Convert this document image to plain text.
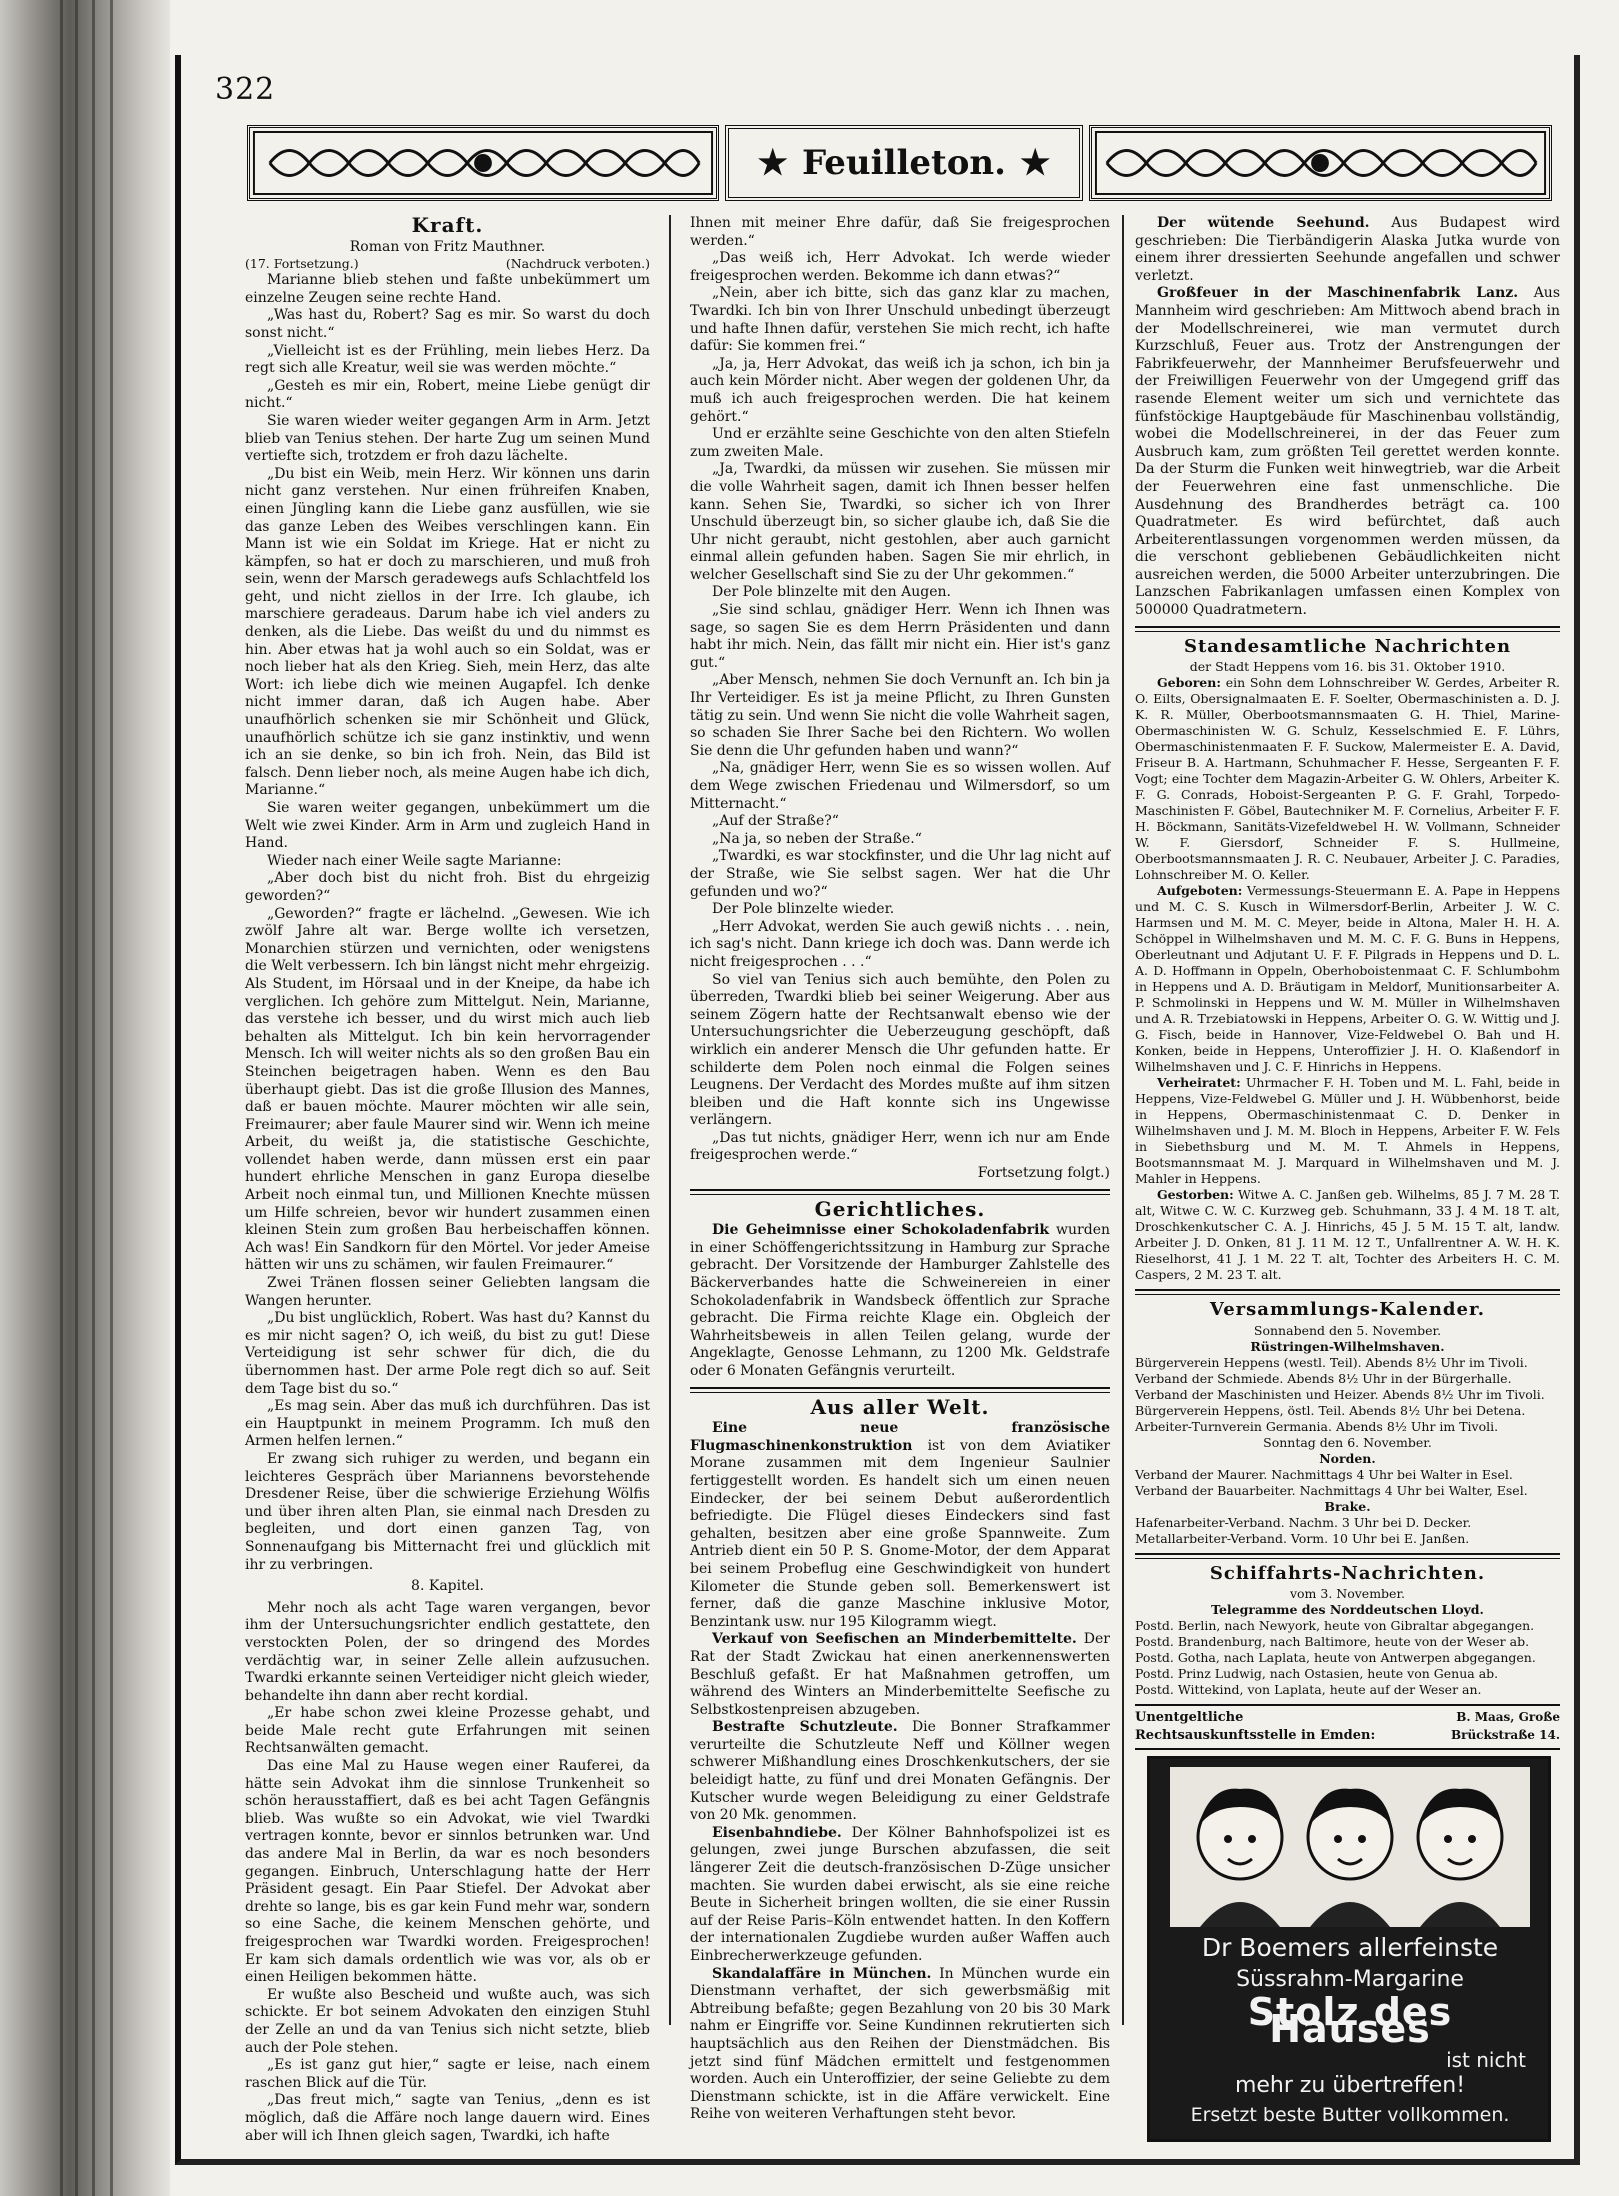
322
★ Feuilleton. ★
Kraft.

Roman von Fritz Mauthner.

(17. Fortsetzung.)	(Nachdruck verboten.)

Marianne blieb stehen und faßte unbekümmert um einzelne Zeugen seine rechte Hand.

„Was hast du, Robert? Sag es mir. So warst du doch sonst nicht.“

„Vielleicht ist es der Frühling, mein liebes Herz. Da regt sich alle Kreatur, weil sie was werden möchte.“

„Gesteh es mir ein, Robert, meine Liebe genügt dir nicht.“

Sie waren wieder weiter gegangen Arm in Arm. Jetzt blieb van Tenius stehen. Der harte Zug um seinen Mund vertiefte sich, trotzdem er froh dazu lächelte.

„Du bist ein Weib, mein Herz. Wir können uns darin nicht ganz verstehen. Nur einen frühreifen Knaben, einen Jüngling kann die Liebe ganz ausfüllen, wie sie das ganze Leben des Weibes verschlingen kann. Ein Mann ist wie ein Soldat im Kriege. Hat er nicht zu kämpfen, so hat er doch zu marschieren, und muß froh sein, wenn der Marsch geradewegs aufs Schlachtfeld los geht, und nicht ziellos in der Irre. Ich glaube, ich marschiere geradeaus. Darum habe ich viel anders zu denken, als die Liebe. Das weißt du und du nimmst es hin. Aber etwas hat ja wohl auch so ein Soldat, was er noch lieber hat als den Krieg. Sieh, mein Herz, das alte Wort: ich liebe dich wie meinen Augapfel. Ich denke nicht immer daran, daß ich Augen habe. Aber unaufhörlich schenken sie mir Schönheit und Glück, unaufhörlich schütze ich sie ganz instinktiv, und wenn ich an sie denke, so bin ich froh. Nein, das Bild ist falsch. Denn lieber noch, als meine Augen habe ich dich, Marianne.“

Sie waren weiter gegangen, unbekümmert um die Welt wie zwei Kinder. Arm in Arm und zugleich Hand in Hand.

Wieder nach einer Weile sagte Marianne:

„Aber doch bist du nicht froh. Bist du ehrgeizig geworden?“

„Geworden?“ fragte er lächelnd. „Gewesen. Wie ich zwölf Jahre alt war. Berge wollte ich versetzen, Monarchien stürzen und vernichten, oder wenigstens die Welt verbessern. Ich bin längst nicht mehr ehrgeizig. Als Student, im Hörsaal und in der Kneipe, da habe ich verglichen. Ich gehöre zum Mittelgut. Nein, Marianne, das verstehe ich besser, und du wirst mich auch lieb behalten als Mittelgut. Ich bin kein hervorragender Mensch. Ich will weiter nichts als so den großen Bau ein Steinchen beigetragen haben. Wenn es den Bau überhaupt giebt. Das ist die große Illusion des Mannes, daß er bauen möchte. Maurer möchten wir alle sein, Freimaurer; aber faule Maurer sind wir. Wenn ich meine Arbeit, du weißt ja, die statistische Geschichte, vollendet haben werde, dann müssen erst ein paar hundert ehrliche Menschen in ganz Europa dieselbe Arbeit noch einmal tun, und Millionen Knechte müssen um Hilfe schreien, bevor wir hundert zusammen einen kleinen Stein zum großen Bau herbeischaffen können. Ach was! Ein Sandkorn für den Mörtel. Vor jeder Ameise hätten wir uns zu schämen, wir faulen Freimaurer.“

Zwei Tränen flossen seiner Geliebten langsam die Wangen herunter.

„Du bist unglücklich, Robert. Was hast du? Kannst du es mir nicht sagen? O, ich weiß, du bist zu gut! Diese Verteidigung ist sehr schwer für dich, die du übernommen hast. Der arme Pole regt dich so auf. Seit dem Tage bist du so.“

„Es mag sein. Aber das muß ich durchführen. Das ist ein Hauptpunkt in meinem Programm. Ich muß den Armen helfen lernen.“

Er zwang sich ruhiger zu werden, und begann ein leichteres Gespräch über Mariannens bevorstehende Dresdener Reise, über die schwierige Erziehung Wölfis und über ihren alten Plan, sie einmal nach Dresden zu begleiten, und dort einen ganzen Tag, von Sonnenaufgang bis Mitternacht frei und glücklich mit ihr zu verbringen.

8. Kapitel.

Mehr noch als acht Tage waren vergangen, bevor ihm der Untersuchungsrichter endlich gestattete, den verstockten Polen, der so dringend des Mordes verdächtig war, in seiner Zelle allein aufzusuchen. Twardki erkannte seinen Verteidiger nicht gleich wieder, behandelte ihn dann aber recht kordial.

„Er habe schon zwei kleine Prozesse gehabt, und beide Male recht gute Erfahrungen mit seinen Rechtsanwälten gemacht.

Das eine Mal zu Hause wegen einer Rauferei, da hätte sein Advokat ihm die sinnlose Trunkenheit so schön herausstaffiert, daß es bei acht Tagen Gefängnis blieb. Was wußte so ein Advokat, wie viel Twardki vertragen konnte, bevor er sinnlos betrunken war. Und das andere Mal in Berlin, da war es noch besonders gegangen. Einbruch, Unterschlagung hatte der Herr Präsident gesagt. Ein Paar Stiefel. Der Advokat aber drehte so lange, bis es gar kein Fund mehr war, sondern so eine Sache, die keinem Menschen gehörte, und freigesprochen war Twardki worden. Freigesprochen! Er kam sich damals ordentlich wie was vor, als ob er einen Heiligen bekommen hätte.

Er wußte also Bescheid und wußte auch, was sich schickte. Er bot seinem Advokaten den einzigen Stuhl der Zelle an und da van Tenius sich nicht setzte, blieb auch der Pole stehen.

„Es ist ganz gut hier,“ sagte er leise, nach einem raschen Blick auf die Tür.

„Das freut mich,“ sagte van Tenius, „denn es ist möglich, daß die Affäre noch lange dauern wird. Eines aber will ich Ihnen gleich sagen, Twardki, ich hafte

Ihnen mit meiner Ehre dafür, daß Sie freigesprochen werden.“

„Das weiß ich, Herr Advokat. Ich werde wieder freigesprochen werden. Bekomme ich dann etwas?“

„Nein, aber ich bitte, sich das ganz klar zu machen, Twardki. Ich bin von Ihrer Unschuld unbedingt überzeugt und hafte Ihnen dafür, verstehen Sie mich recht, ich hafte dafür: Sie kommen frei.“

„Ja, ja, Herr Advokat, das weiß ich ja schon, ich bin ja auch kein Mörder nicht. Aber wegen der goldenen Uhr, da muß ich auch freigesprochen werden. Die hat keinem gehört.“

Und er erzählte seine Geschichte von den alten Stiefeln zum zweiten Male.

„Ja, Twardki, da müssen wir zusehen. Sie müssen mir die volle Wahrheit sagen, damit ich Ihnen besser helfen kann. Sehen Sie, Twardki, so sicher ich von Ihrer Unschuld überzeugt bin, so sicher glaube ich, daß Sie die Uhr nicht geraubt, nicht gestohlen, aber auch garnicht einmal allein gefunden haben. Sagen Sie mir ehrlich, in welcher Gesellschaft sind Sie zu der Uhr gekommen.“

Der Pole blinzelte mit den Augen.

„Sie sind schlau, gnädiger Herr. Wenn ich Ihnen was sage, so sagen Sie es dem Herrn Präsidenten und dann habt ihr mich. Nein, das fällt mir nicht ein. Hier ist's ganz gut.“

„Aber Mensch, nehmen Sie doch Vernunft an. Ich bin ja Ihr Verteidiger. Es ist ja meine Pflicht, zu Ihren Gunsten tätig zu sein. Und wenn Sie nicht die volle Wahrheit sagen, so schaden Sie Ihrer Sache bei den Richtern. Wo wollen Sie denn die Uhr gefunden haben und wann?“

„Na, gnädiger Herr, wenn Sie es so wissen wollen. Auf dem Wege zwischen Friedenau und Wilmersdorf, so um Mitternacht.“

„Auf der Straße?“

„Na ja, so neben der Straße.“

„Twardki, es war stockfinster, und die Uhr lag nicht auf der Straße, wie Sie selbst sagen. Wer hat die Uhr gefunden und wo?“

Der Pole blinzelte wieder.

„Herr Advokat, werden Sie auch gewiß nichts . . . nein, ich sag's nicht. Dann kriege ich doch was. Dann werde ich nicht freigesprochen . . .“

So viel van Tenius sich auch bemühte, den Polen zu überreden, Twardki blieb bei seiner Weigerung. Aber aus seinem Zögern hatte der Rechtsanwalt ebenso wie der Untersuchungsrichter die Ueberzeugung geschöpft, daß wirklich ein anderer Mensch die Uhr gefunden hatte. Er schilderte dem Polen noch einmal die Folgen seines Leugnens. Der Verdacht des Mordes mußte auf ihm sitzen bleiben und die Haft konnte sich ins Ungewisse verlängern.

„Das tut nichts, gnädiger Herr, wenn ich nur am Ende freigesprochen werde.“

Fortsetzung folgt.)

Gerichtliches.

Die Geheimnisse einer Schokoladenfabrik wurden in einer Schöffengerichtssitzung in Hamburg zur Sprache gebracht. Der Vorsitzende der Hamburger Zahlstelle des Bäckerverbandes hatte die Schweinereien in einer Schokoladenfabrik in Wandsbeck öffentlich zur Sprache gebracht. Die Firma reichte Klage ein. Obgleich der Wahrheitsbeweis in allen Teilen gelang, wurde der Angeklagte, Genosse Lehmann, zu 1200 Mk. Geldstrafe oder 6 Monaten Gefängnis verurteilt.

Aus aller Welt.

Eine neue französische Flugmaschinenkonstruktion ist von dem Aviatiker Morane zusammen mit dem Ingenieur Saulnier fertiggestellt worden. Es handelt sich um einen neuen Eindecker, der bei seinem Debut außerordentlich befriedigte. Die Flügel dieses Eindeckers sind fast gehalten, besitzen aber eine große Spannweite. Zum Antrieb dient ein 50 P. S. Gnome-Motor, der dem Apparat bei seinem Probeflug eine Geschwindigkeit von hundert Kilometer die Stunde geben soll. Bemerkenswert ist ferner, daß die ganze Maschine inklusive Motor, Benzintank usw. nur 195 Kilogramm wiegt.

Verkauf von Seefischen an Minderbemittelte. Der Rat der Stadt Zwickau hat einen anerkennenswerten Beschluß gefaßt. Er hat Maßnahmen getroffen, um während des Winters an Minderbemittelte Seefische zu Selbstkostenpreisen abzugeben.

Bestrafte Schutzleute. Die Bonner Strafkammer verurteilte die Schutzleute Neff und Köllner wegen schwerer Mißhandlung eines Droschkenkutschers, der sie beleidigt hatte, zu fünf und drei Monaten Gefängnis. Der Kutscher wurde wegen Beleidigung zu einer Geldstrafe von 20 Mk. genommen.

Eisenbahndiebe. Der Kölner Bahnhofspolizei ist es gelungen, zwei junge Burschen abzufassen, die seit längerer Zeit die deutsch-französischen D-Züge unsicher machten. Sie wurden dabei erwischt, als sie eine reiche Beute in Sicherheit bringen wollten, die sie einer Russin auf der Reise Paris–Köln entwendet hatten. In den Koffern der internationalen Zugdiebe wurden außer Waffen auch Einbrecherwerkzeuge gefunden.

Skandalaffäre in München. In München wurde ein Dienstmann verhaftet, der sich gewerbsmäßig mit Abtreibung befaßte; gegen Bezahlung von 20 bis 30 Mark nahm er Eingriffe vor. Seine Kundinnen rekrutierten sich hauptsächlich aus den Reihen der Dienstmädchen. Bis jetzt sind fünf Mädchen ermittelt und festgenommen worden. Auch ein Unteroffizier, der seine Geliebte zu dem Dienstmann schickte, ist in die Affäre verwickelt. Eine Reihe von weiteren Verhaftungen steht bevor.

Der wütende Seehund. Aus Budapest wird geschrieben: Die Tierbändigerin Alaska Jutka wurde von einem ihrer dressierten Seehunde angefallen und schwer verletzt.

Großfeuer in der Maschinenfabrik Lanz. Aus Mannheim wird geschrieben: Am Mittwoch abend brach in der Modellschreinerei, wie man vermutet durch Kurzschluß, Feuer aus. Trotz der Anstrengungen der Fabrikfeuerwehr, der Mannheimer Berufsfeuerwehr und der Freiwilligen Feuerwehr von der Umgegend griff das rasende Element weiter um sich und vernichtete das fünfstöckige Hauptgebäude für Maschinenbau vollständig, wobei die Modellschreinerei, in der das Feuer zum Ausbruch kam, zum größten Teil gerettet werden konnte. Da der Sturm die Funken weit hinwegtrieb, war die Arbeit der Feuerwehren eine fast unmenschliche. Die Ausdehnung des Brandherdes beträgt ca. 100 Quadratmeter. Es wird befürchtet, daß auch Arbeiterentlassungen vorgenommen werden müssen, da die verschont gebliebenen Gebäudlichkeiten nicht ausreichen werden, die 5000 Arbeiter unterzubringen. Die Lanzschen Fabrikanlagen umfassen einen Komplex von 500000 Quadratmetern.

Standesamtliche Nachrichten

der Stadt Heppens vom 16. bis 31. Oktober 1910.

Geboren: ein Sohn dem Lohnschreiber W. Gerdes, Arbeiter R. O. Eilts, Obersignalmaaten E. F. Soelter, Obermaschinisten a. D. J. K. R. Müller, Oberbootsmannsmaaten G. H. Thiel, Marine-Obermaschinisten W. G. Schulz, Kesselschmied E. F. Lührs, Obermaschinistenmaaten F. F. Suckow, Malermeister E. A. David, Friseur B. A. Hartmann, Schuhmacher F. Hesse, Sergeanten F. F. Vogt; eine Tochter dem Magazin-Arbeiter G. W. Ohlers, Arbeiter K. F. G. Conrads, Hoboist-Sergeanten P. G. F. Grahl, Torpedo-Maschinisten F. Göbel, Bautechniker M. F. Cornelius, Arbeiter F. F. H. Böckmann, Sanitäts-Vizefeldwebel H. W. Vollmann, Schneider W. F. Giersdorf, Schneider F. S. Hullmeine, Oberbootsmannsmaaten J. R. C. Neubauer, Arbeiter J. C. Paradies, Lohnschreiber M. O. Keller.

Aufgeboten: Vermessungs-Steuermann E. A. Pape in Heppens und M. C. S. Kusch in Wilmersdorf-Berlin, Arbeiter J. W. C. Harmsen und M. M. C. Meyer, beide in Altona, Maler H. H. A. Schöppel in Wilhelmshaven und M. M. C. F. G. Buns in Heppens, Oberleutnant und Adjutant U. F. F. Pilgrads in Heppens und D. L. A. D. Hoffmann in Oppeln, Oberhoboistenmaat C. F. Schlumbohm in Heppens und A. D. Bräutigam in Meldorf, Munitionsarbeiter A. P. Schmolinski in Heppens und W. M. Müller in Wilhelmshaven und A. R. Trzebiatowski in Heppens, Arbeiter O. G. W. Wittig und J. G. Fisch, beide in Hannover, Vize-Feldwebel O. Bah und H. Konken, beide in Heppens, Unteroffizier J. H. O. Klaßendorf in Wilhelmshaven und J. C. F. Hinrichs in Heppens.

Verheiratet: Uhrmacher F. H. Toben und M. L. Fahl, beide in Heppens, Vize-Feldwebel G. Müller und J. H. Wübbenhorst, beide in Heppens, Obermaschinistenmaat C. D. Denker in Wilhelmshaven und J. M. M. Bloch in Heppens, Arbeiter F. W. Fels in Siebethsburg und M. M. T. Ahmels in Heppens, Bootsmannsmaat M. J. Marquard in Wilhelmshaven und M. J. Mahler in Heppens.

Gestorben: Witwe A. C. Janßen geb. Wilhelms, 85 J. 7 M. 28 T. alt, Witwe C. W. C. Kurzweg geb. Schuhmann, 33 J. 4 M. 18 T. alt, Droschkenkutscher C. A. J. Hinrichs, 45 J. 5 M. 15 T. alt, landw. Arbeiter J. D. Onken, 81 J. 11 M. 12 T., Unfallrentner A. W. H. K. Rieselhorst, 41 J. 1 M. 22 T. alt, Tochter des Arbeiters H. C. M. Caspers, 2 M. 23 T. alt.

Versammlungs-Kalender.

Sonnabend den 5. November.

Rüstringen-Wilhelmshaven.

Bürgerverein Heppens (westl. Teil). Abends 8½ Uhr im Tivoli.

Verband der Schmiede. Abends 8½ Uhr in der Bürgerhalle.

Verband der Maschinisten und Heizer. Abends 8½ Uhr im Tivoli.

Bürgerverein Heppens, östl. Teil. Abends 8½ Uhr bei Detena.

Arbeiter-Turnverein Germania. Abends 8½ Uhr im Tivoli.

Sonntag den 6. November.

Norden.

Verband der Maurer. Nachmittags 4 Uhr bei Walter in Esel.

Verband der Bauarbeiter. Nachmittags 4 Uhr bei Walter, Esel.

Brake.

Hafenarbeiter-Verband. Nachm. 3 Uhr bei D. Decker.

Metallarbeiter-Verband. Vorm. 10 Uhr bei E. Janßen.

Schiffahrts-Nachrichten.

vom 3. November.

Telegramme des Norddeutschen Lloyd.

Postd. Berlin, nach Newyork, heute von Gibraltar abgegangen.

Postd. Brandenburg, nach Baltimore, heute von der Weser ab.

Postd. Gotha, nach Laplata, heute von Antwerpen abgegangen.

Postd. Prinz Ludwig, nach Ostasien, heute von Genua ab.

Postd. Wittekind, von Laplata, heute auf der Weser an.

Unentgeltliche Rechtsauskunftsstelle in Emden:
B. Maas, Große Brückstraße 14.
Dr Boemers allerfeinste
Süssrahm-Margarine
Stolz des Hauses
ist nicht
mehr zu übertreffen!
Ersetzt beste Butter vollkommen.
